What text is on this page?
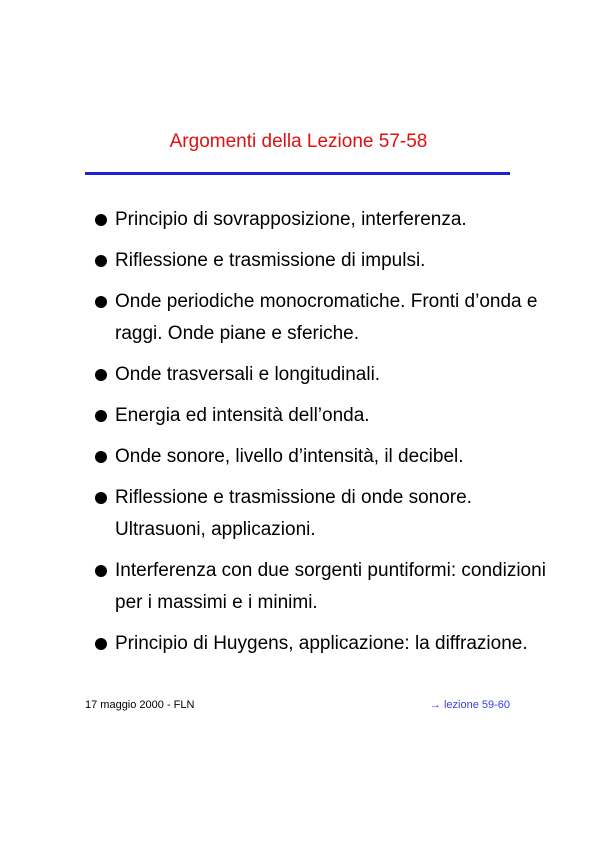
Argomenti della Lezione 57-58
Principio di sovrapposizione, interferenza.
Riflessione e trasmissione di impulsi.
Onde periodiche monocromatiche. Fronti d’onda e raggi. Onde piane e sferiche.
Onde trasversali e longitudinali.
Energia ed intensità dell’onda.
Onde sonore, livello d’intensità, il decibel.
Riflessione e trasmissione di onde sonore. Ultrasuoni, applicazioni.
Interferenza con due sorgenti puntiformi: condizioni per i massimi e i minimi.
Principio di Huygens, applicazione: la diffrazione.
17 maggio 2000 - FLN	→ lezione 59-60
